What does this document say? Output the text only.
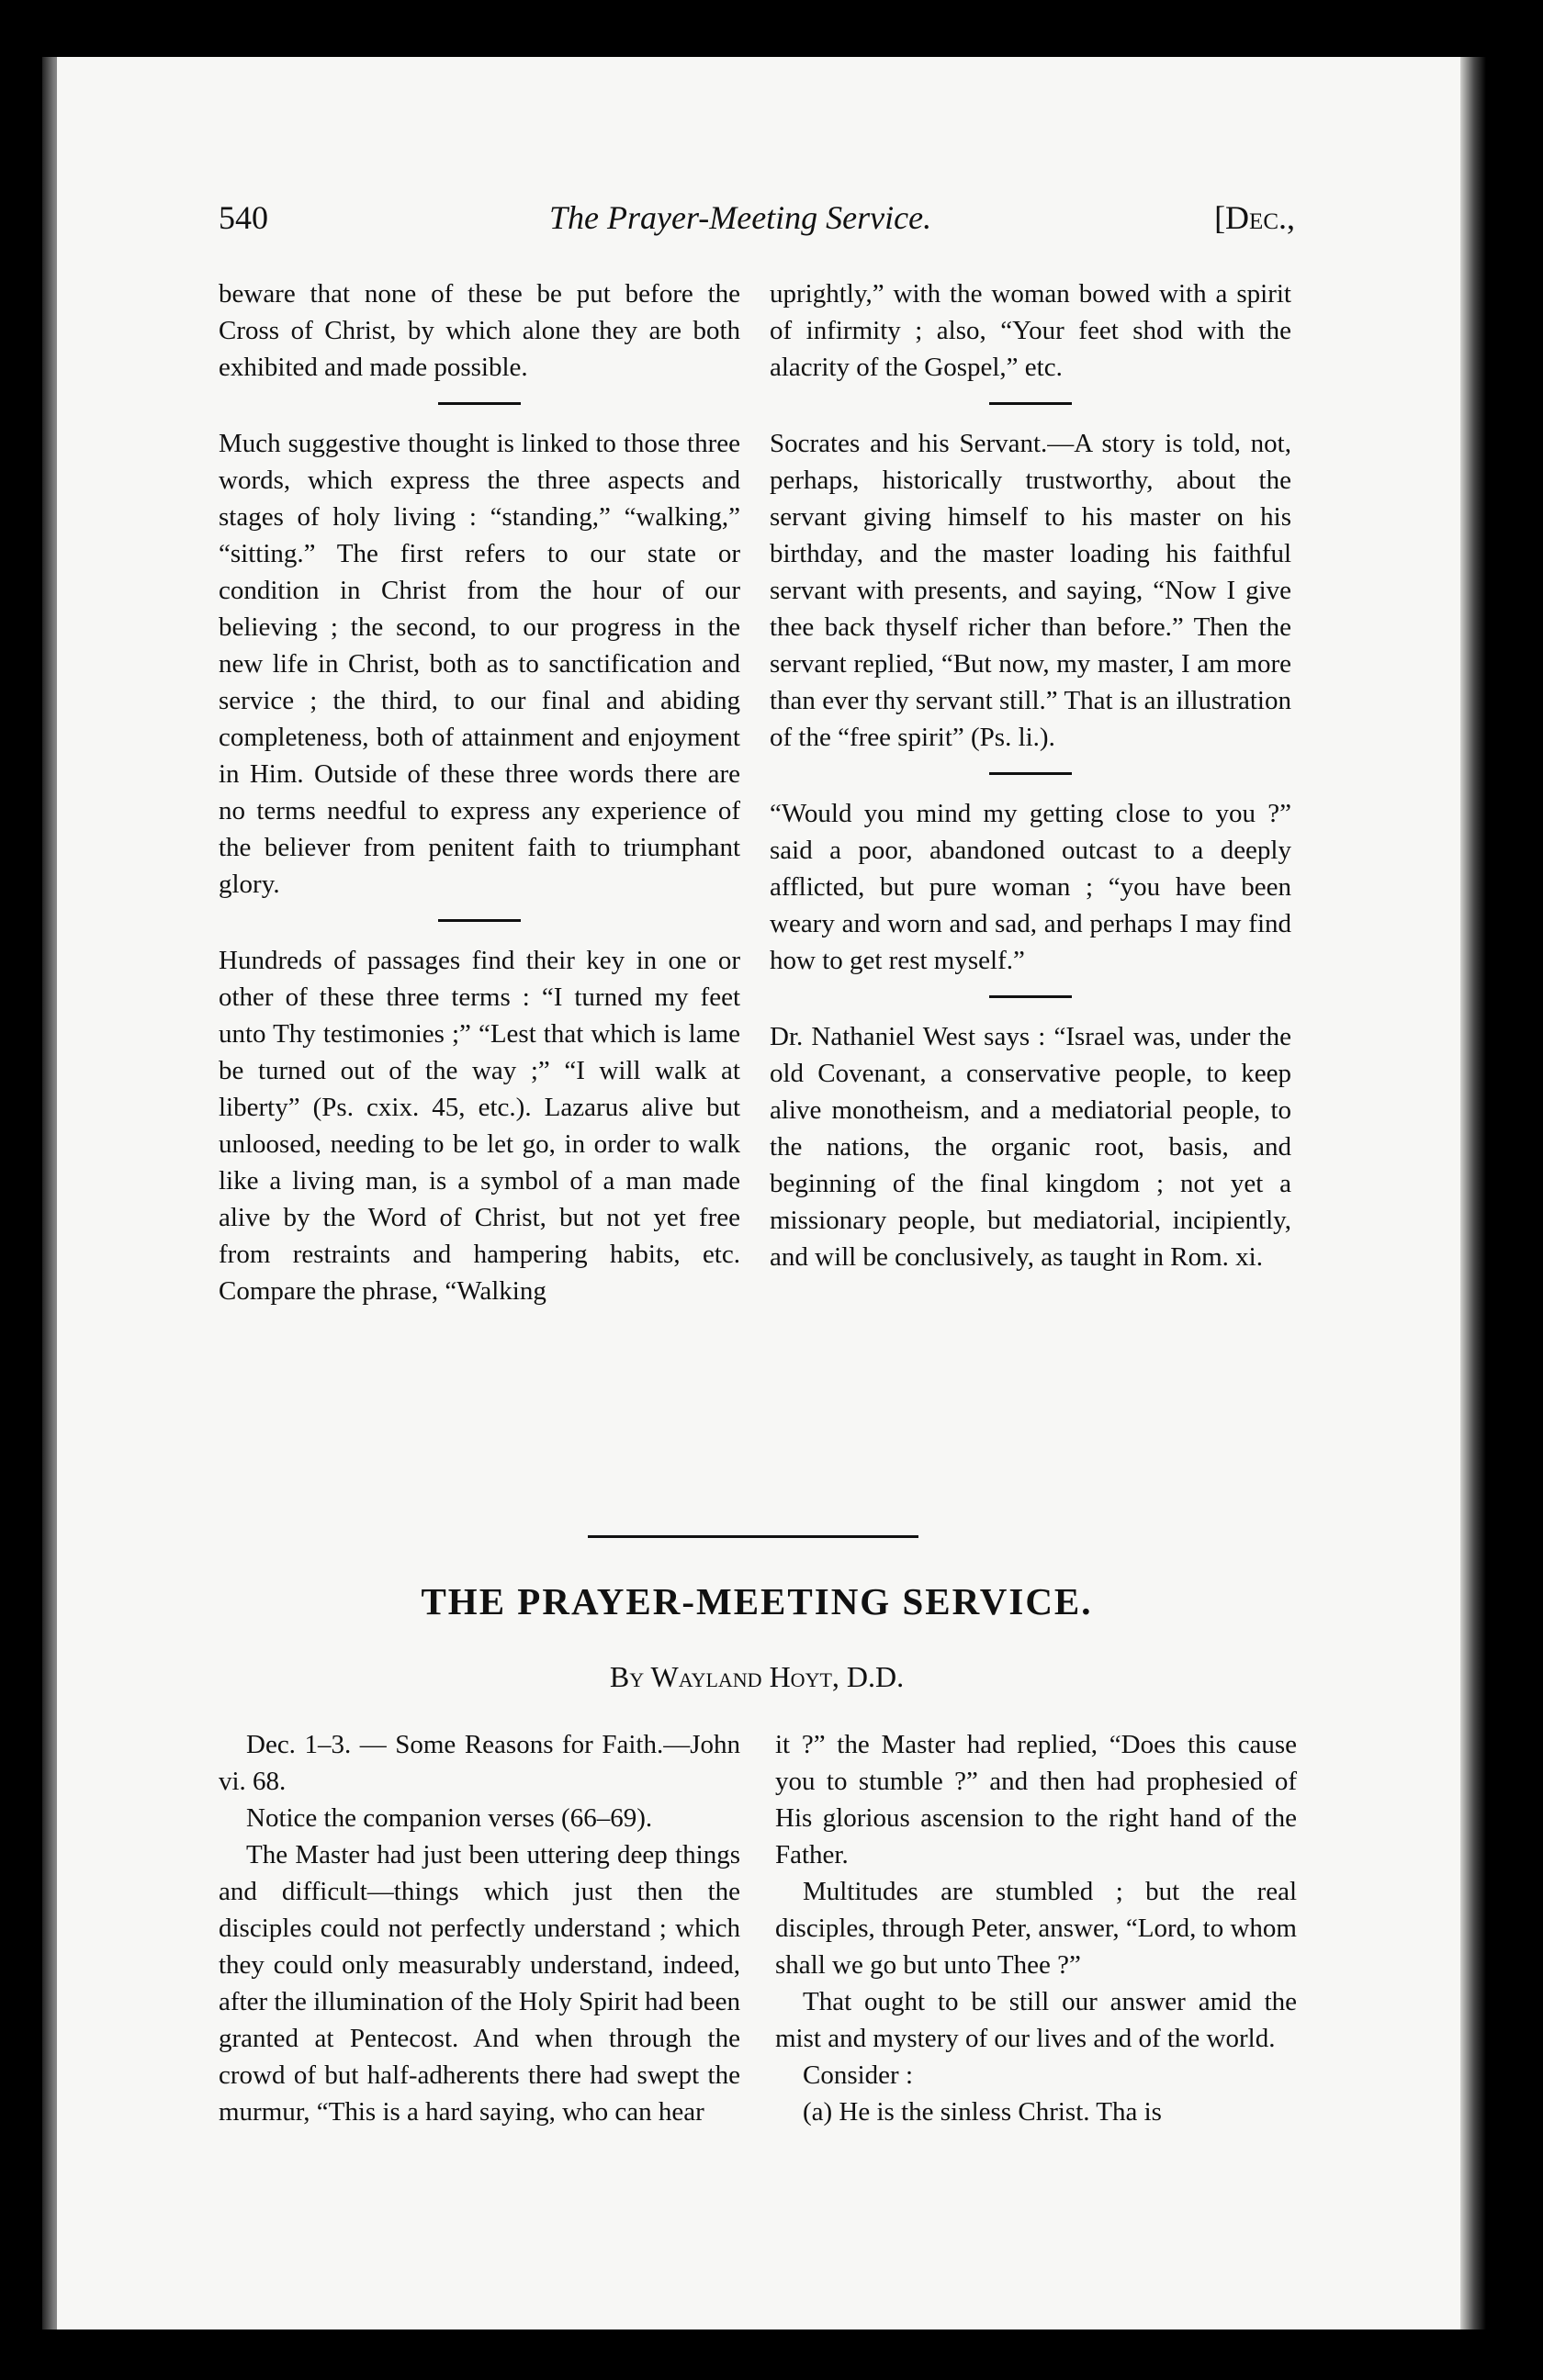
540	The Prayer-Meeting Service.	[Dec.,

beware that none of these be put before the Cross of Christ, by which alone they are both exhibited and made possible.

Much suggestive thought is linked to those three words, which express the three aspects and stages of holy living : “standing,” “walking,” “sitting.” The first refers to our state or condition in Christ from the hour of our believing ; the second, to our progress in the new life in Christ, both as to sanctification and service ; the third, to our final and abiding completeness, both of attainment and enjoyment in Him. Outside of these three words there are no terms needful to express any experience of the believer from penitent faith to triumphant glory.

Hundreds of passages find their key in one or other of these three terms : “I turned my feet unto Thy testimonies ;” “Lest that which is lame be turned out of the way ;” “I will walk at liberty” (Ps. cxix. 45, etc.). Lazarus alive but unloosed, needing to be let go, in order to walk like a living man, is a symbol of a man made alive by the Word of Christ, but not yet free from restraints and hampering habits, etc. Compare the phrase, “Walking

uprightly,” with the woman bowed with a spirit of infirmity ; also, “Your feet shod with the alacrity of the Gospel,” etc.

Socrates and his Servant.—A story is told, not, perhaps, historically trustworthy, about the servant giving himself to his master on his birthday, and the master loading his faithful servant with presents, and saying, “Now I give thee back thyself richer than before.” Then the servant replied, “But now, my master, I am more than ever thy servant still.” That is an illustration of the “free spirit” (Ps. li.).

“Would you mind my getting close to you ?” said a poor, abandoned outcast to a deeply afflicted, but pure woman ; “you have been weary and worn and sad, and perhaps I may find how to get rest myself.”

Dr. Nathaniel West says : “Israel was, under the old Covenant, a conservative people, to keep alive monotheism, and a mediatorial people, to the nations, the organic root, basis, and beginning of the final kingdom ; not yet a missionary people, but mediatorial, incipiently, and will be conclusively, as taught in Rom. xi.

THE PRAYER-MEETING SERVICE.
By Wayland Hoyt, D.D.

Dec. 1–3. — Some Reasons for Faith.—John vi. 68.

Notice the companion verses (66–69).

The Master had just been uttering deep things and difficult—things which just then the disciples could not perfectly understand ; which they could only measurably understand, indeed, after the illumination of the Holy Spirit had been granted at Pentecost. And when through the crowd of but half-adherents there had swept the murmur, “This is a hard saying, who can hear

it ?” the Master had replied, “Does this cause you to stumble ?” and then had prophesied of His glorious ascension to the right hand of the Father.

Multitudes are stumbled ; but the real disciples, through Peter, answer, “Lord, to whom shall we go but unto Thee ?”

That ought to be still our answer amid the mist and mystery of our lives and of the world.

Consider :

(a) He is the sinless Christ. Tha is
